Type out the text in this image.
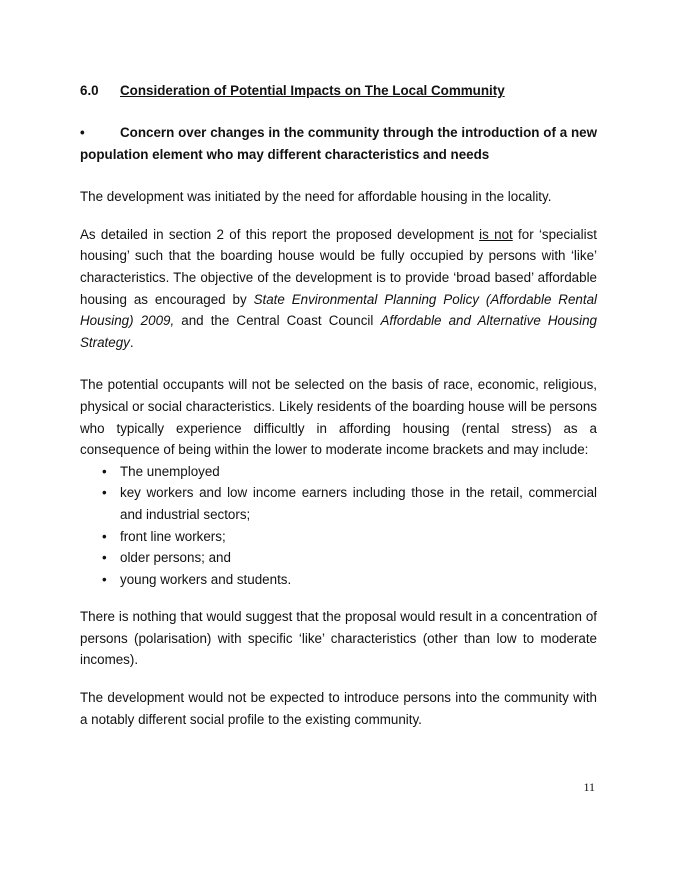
6.0 Consideration of Potential Impacts on The Local Community

•	Concern over changes in the community through the introduction of a new population element who may different characteristics and needs

The development was initiated by the need for affordable housing in the locality.

As detailed in section 2 of this report the proposed development is not for ‘specialist housing’ such that the boarding house would be fully occupied by persons with ‘like’ characteristics. The objective of the development is to provide ‘broad based’ affordable housing as encouraged by State Environmental Planning Policy (Affordable Rental Housing) 2009, and the Central Coast Council Affordable and Alternative Housing Strategy.

The potential occupants will not be selected on the basis of race, economic, religious, physical or social characteristics. Likely residents of the boarding house will be persons who typically experience difficultly in affording housing (rental stress) as a consequence of being within the lower to moderate income brackets and may include:

• The unemployed
• key workers and low income earners including those in the retail, commercial and industrial sectors;
• front line workers;
• older persons; and
• young workers and students.

There is nothing that would suggest that the proposal would result in a concentration of persons (polarisation) with specific ‘like’ characteristics (other than low to moderate incomes).

The development would not be expected to introduce persons into the community with a notably different social profile to the existing community.

11
